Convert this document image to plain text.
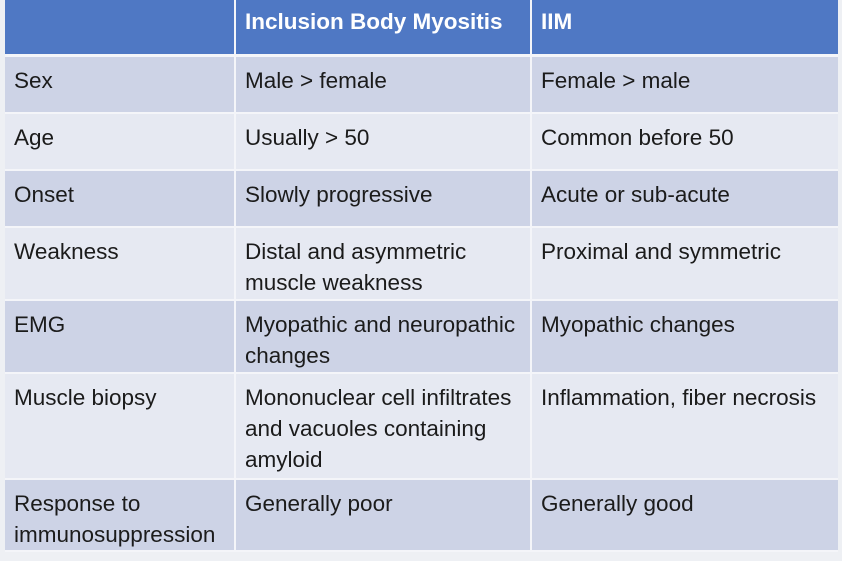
	Inclusion Body Myositis	IIM
Sex	Male > female	Female > male
Age	Usually > 50	Common before 50
Onset	Slowly progressive	Acute or sub-acute
Weakness	Distal and asymmetric muscle weakness	Proximal and symmetric
EMG	Myopathic and neuropathic changes	Myopathic changes
Muscle biopsy	Mononuclear cell infiltrates and vacuoles containing amyloid	Inflammation, fiber necrosis
Response to immunosuppression	Generally poor	Generally good
